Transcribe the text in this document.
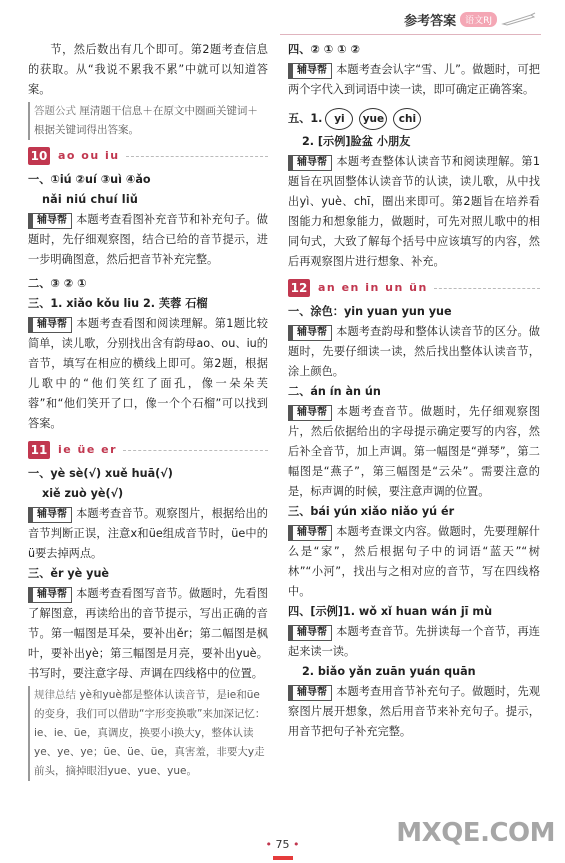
参考答案	语文RJ

节，然后数出有几个即可。第2题考查信息的获取。从“我说不累我不累”中就可以知道答案。

答题公式 厘清题干信息＋在原文中圈画关键词＋根据关键词得出答案。
10 ao ou iu
一、①iú ②uí ③uì ④ǎo
nǎi niú chuí liǔ

辅导帮 本题考查看图补充音节和补充句子。做题时，先仔细观察图，结合已给的音节提示，进一步明确图意，然后把音节补充完整。

二、③ ② ①
三、1. xiǎo kǒu liu 2. 芙蓉 石榴

辅导帮 本题考查看图和阅读理解。第1题比较简单，读儿歌，分别找出含有韵母ao、ou、iu的音节，填写在相应的横线上即可。第2题，根据儿歌中的“他们笑红了面孔，像一朵朵芙蓉”和“他们笑开了口，像一个个石榴”可以找到答案。

11 ie üe er
一、yè sè(√) xuě huā(√)
xiě zuò yè(√)

辅导帮 本题考查音节。观察图片，根据给出的音节判断正误，注意x和üe组成音节时，üe中的ü要去掉两点。

三、ěr yè yuè

辅导帮 本题考查看图写音节。做题时，先看图了解图意，再读给出的音节提示，写出正确的音节。第一幅图是耳朵，要补出ěr；第二幅图是枫叶，要补出yè；第三幅图是月亮，要补出yuè。书写时，要注意字母、声调在四线格中的位置。

规律总结 yè和yuè都是整体认读音节，是ie和üe的变身，我们可以借助“字形变换歌”来加深记忆：ie、ie、üe，真调皮，换要小i换大y，整体认读ye、ye、ye；üe、üe、üe，真害羞，非要大y走前头，摘掉眼泪yue、yue、yue。
四、② ① ① ②

辅导帮 本题考查会认字“雪、儿”。做题时，可把两个字代入到词语中读一读，即可确定正确答案。

五、1.	yi	yue	chi
2. [示例]脸盆 小朋友

辅导帮 本题考查整体认读音节和阅读理解。第1题旨在巩固整体认读音节的认读，读儿歌，从中找出yì、yuè、chī，圈出来即可。第2题旨在培养看图能力和想象能力，做题时，可先对照儿歌中的相同句式，大致了解每个括号中应该填写的内容，然后再观察图片进行想象、补充。

12 an en in un ün
一、涂色：yin yuan yun yue

辅导帮 本题考查韵母和整体认读音节的区分。做题时，先要仔细读一读，然后找出整体认读音节，涂上颜色。

二、án ín àn ún

辅导帮 本题考查音节。做题时，先仔细观察图片，然后依据给出的字母提示确定要写的内容，然后补全音节，加上声调。第一幅图是“弹琴”，第二幅图是“燕子”，第三幅图是“云朵”。需要注意的是，标声调的时候，要注意声调的位置。

三、bái yún xiǎo niǎo yú ér

辅导帮 本题考查课文内容。做题时，先要理解什么是“家”，然后根据句子中的词语“蓝天”“树林”“小河”，找出与之相对应的音节，写在四线格中。

四、[示例]1. wǒ xǐ huan wán jī mù

辅导帮 本题考查音节。先拼读每一个音节，再连起来读一读。

2. biǎo yǎn zuān yuán quān

辅导帮 本题考查用音节补充句子。做题时，先观察图片展开想象，然后用音节来补充句子。提示，用音节把句子补充完整。

• 75 •	MXQE.COM
